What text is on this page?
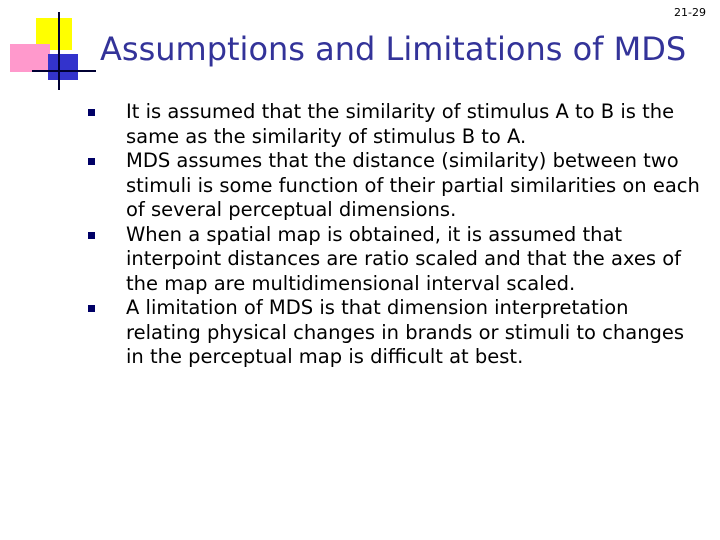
21-29
Assumptions and Limitations of MDS
It is assumed that the similarity of stimulus A to B is the same as the similarity of stimulus B to A.
MDS assumes that the distance (similarity) between two stimuli is some function of their partial similarities on each of several perceptual dimensions.
When a spatial map is obtained, it is assumed that interpoint distances are ratio scaled and that the axes of the map are multidimensional interval scaled.
A limitation of MDS is that dimension interpretation relating physical changes in brands or stimuli to changes in the perceptual map is difficult at best.
